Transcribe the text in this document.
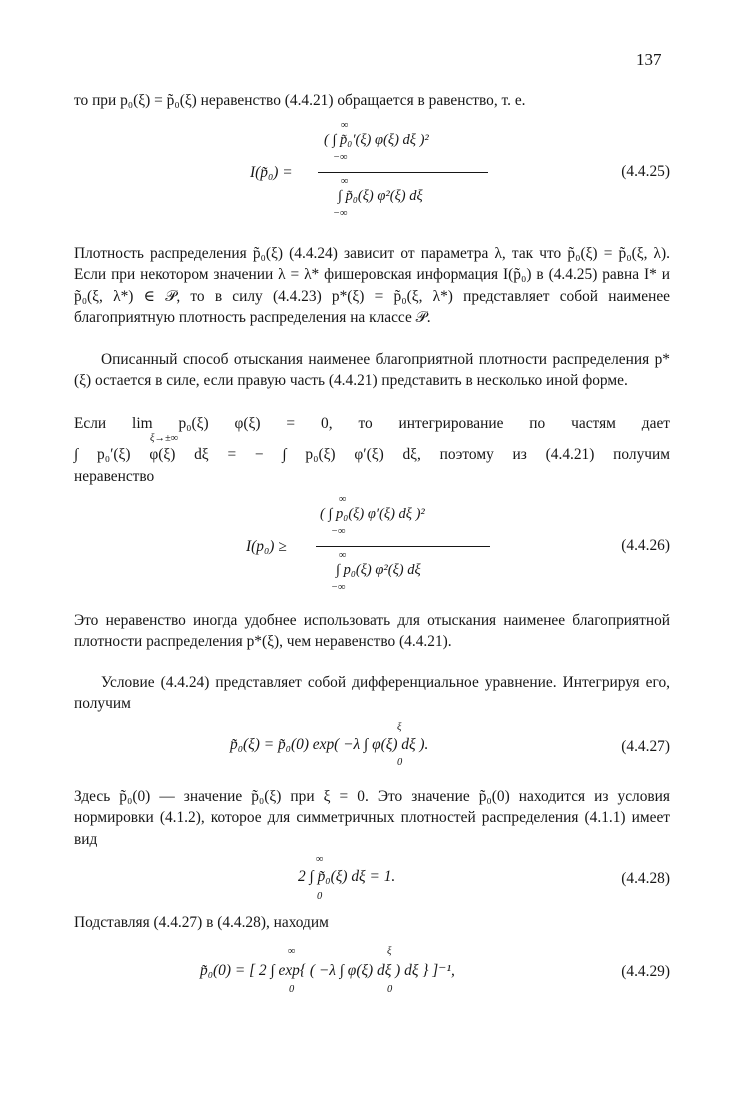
137

то при p₀(ξ) = p̃₀(ξ) неравенство (4.4.21) обращается в равенство, т. е.

I(p̃₀) =
∞
( ∫ p̃₀′(ξ) φ(ξ) dξ )²
−∞
∞
∫ p̃₀(ξ) φ²(ξ) dξ
−∞
(4.4.25)

Плотность распределения p̃₀(ξ) (4.4.24) зависит от параметра λ, так что p̃₀(ξ) = p̃₀(ξ, λ). Если при некотором значении λ = λ* фишеровская информация I(p̃₀) в (4.4.25) равна I* и p̃₀(ξ, λ*) ∈ 𝒫, то в силу (4.4.23) p*(ξ) = p̃₀(ξ, λ*) представляет собой наименее благоприятную плотность распределения на классе 𝒫.

Описанный способ отыскания наименее благоприятной плотности распределения p*(ξ) остается в силе, если правую часть (4.4.21) представить в несколько иной форме.

Если lim p₀(ξ) φ(ξ) = 0, то интегрирование по частям дает
ξ→±∞
∫ p₀′(ξ) φ(ξ) dξ = − ∫ p₀(ξ) φ′(ξ) dξ, поэтому из (4.4.21) получим
неравенство
I(p₀) ≥
∞
( ∫ p₀(ξ) φ′(ξ) dξ )²
−∞
∞
∫ p₀(ξ) φ²(ξ) dξ
−∞
(4.4.26)

Это неравенство иногда удобнее использовать для отыскания наименее благоприятной плотности распределения p*(ξ), чем неравенство (4.4.21).

Условие (4.4.24) представляет собой дифференциальное уравнение. Интегрируя его, получим

ξ
p̃₀(ξ) = p̃₀(0) exp( −λ ∫ φ(ξ) dξ ).
0
(4.4.27)

Здесь p̃₀(0) — значение p̃₀(ξ) при ξ = 0. Это значение p̃₀(0) находится из условия нормировки (4.1.2), которое для симметричных плотностей распределения (4.1.1) имеет вид

∞
2 ∫ p̃₀(ξ) dξ = 1.
0
(4.4.28)

Подставляя (4.4.27) в (4.4.28), находим

∞	ξ
p̃₀(0) = [ 2 ∫ exp{ ( −λ ∫ φ(ξ) dξ ) dξ } ]⁻¹,
0	0
(4.4.29)
